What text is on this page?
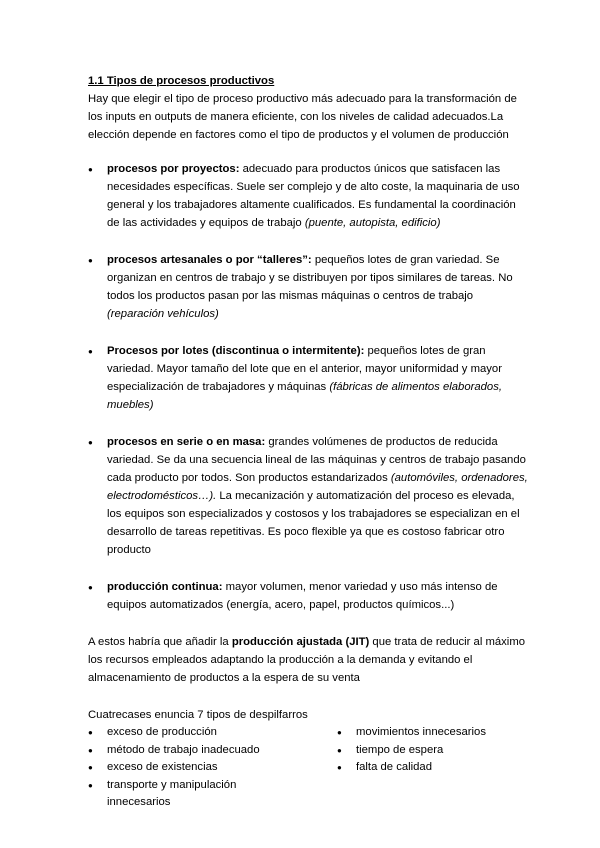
1.1 Tipos de procesos productivos

Hay que elegir el tipo de proceso productivo más adecuado para la transformación de los inputs en outputs de manera eficiente, con los niveles de calidad adecuados.La elección depende en factores como el tipo de productos y el volumen de producción

●
procesos por proyectos: adecuado para productos únicos que satisfacen las necesidades específicas. Suele ser complejo y de alto coste, la maquinaria de uso general y los trabajadores altamente cualificados. Es fundamental la coordinación de las actividades y equipos de trabajo (puente, autopista, edificio)
●
procesos artesanales o por “talleres”: pequeños lotes de gran variedad. Se organizan en centros de trabajo y se distribuyen por tipos similares de tareas. No todos los productos pasan por las mismas máquinas o centros de trabajo (reparación vehículos)
●
Procesos por lotes (discontinua o intermitente): pequeños lotes de gran variedad. Mayor tamaño del lote que en el anterior, mayor uniformidad y mayor especialización de trabajadores y máquinas (fábricas de alimentos elaborados, muebles)
●
procesos en serie o en masa: grandes volúmenes de productos de reducida variedad. Se da una secuencia lineal de las máquinas y centros de trabajo pasando cada producto por todos. Son productos estandarizados (automóviles, ordenadores, electrodomésticos…). La mecanización y automatización del proceso es elevada, los equipos son especializados y costosos y los trabajadores se especializan en el desarrollo de tareas repetitivas. Es poco flexible ya que es costoso fabricar otro producto
●
producción continua: mayor volumen, menor variedad y uso más intenso de equipos automatizados (energía, acero, papel, productos químicos...)

A estos habría que añadir la producción ajustada (JIT) que trata de reducir al máximo los recursos empleados adaptando la producción a la demanda y evitando el almacenamiento de productos a la espera de su venta

Cuatrecases enuncia 7 tipos de despilfarros

●
exceso de producción
●
método de trabajo inadecuado
●
exceso de existencias
●
transporte y manipulación innecesarios
●
movimientos innecesarios
●
tiempo de espera
●
falta de calidad
